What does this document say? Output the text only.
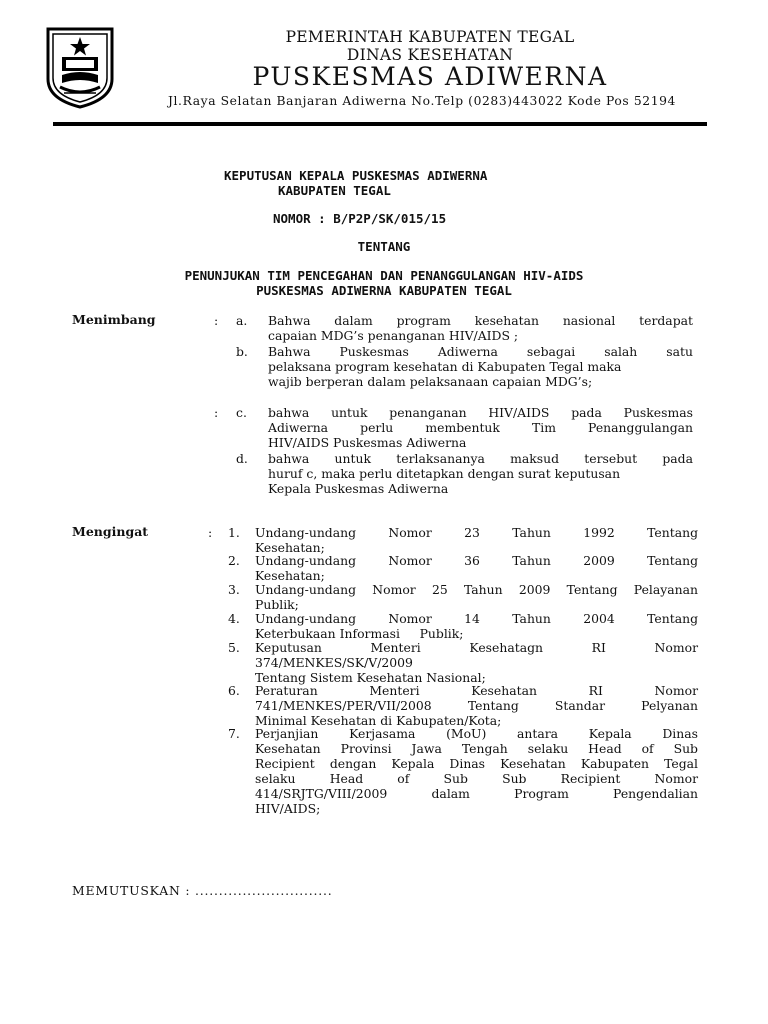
PEMERINTAH KABUPATEN TEGAL
DINAS KESEHATAN
PUSKESMAS ADIWERNA
Jl.Raya Selatan Banjaran Adiwerna No.Telp (0283)443022 Kode Pos 52194
KEPUTUSAN KEPALA PUSKESMAS ADIWERNA
KABUPATEN TEGAL
NOMOR : B/P2P/SK/015/15
TENTANG
PENUNJUKAN TIM PENCEGAHAN DAN PENANGGULANGAN HIV-AIDS
PUSKESMAS ADIWERNA KABUPATEN TEGAL
Menimbang	:
:
a. Bahwa dalam program kesehatan nasional terdapat
capaian MDG’s penanganan HIV/AIDS ;
b. Bahwa Puskesmas Adiwerna sebagai salah satu
pelaksana program kesehatan di Kabupaten Tegal maka
wajib berperan dalam pelaksanaan capaian MDG’s;
c. bahwa untuk penanganan HIV/AIDS pada Puskesmas
Adiwerna perlu membentuk Tim Penanggulangan
HIV/AIDS Puskesmas Adiwerna
d. bahwa untuk terlaksananya maksud tersebut pada
huruf c, maka perlu ditetapkan dengan surat keputusan
Kepala Puskesmas Adiwerna
Mengingat	: 1. Undang-undang Nomor 23 Tahun 1992 Tentang
Kesehatan;
2. Undang-undang Nomor 36 Tahun 2009 Tentang
Kesehatan;
3. Undang-undang Nomor 25 Tahun 2009 Tentang Pelayanan
Publik;
4. Undang-undang Nomor 14 Tahun 2004 Tentang
Keterbukaan Informasi     Publik;
5. Keputusan Menteri Kesehatagn RI Nomor
374/MENKES/SK/V/2009
Tentang Sistem Kesehatan Nasional;
6. Peraturan Menteri Kesehatan RI Nomor
741/MENKES/PER/VII/2008 Tentang Standar Pelyanan
Minimal Kesehatan di Kabupaten/Kota;
7. Perjanjian Kerjasama (MoU) antara Kepala Dinas
Kesehatan Provinsi Jawa Tengah selaku Head of Sub
Recipient dengan Kepala Dinas Kesehatan Kabupaten Tegal
selaku Head of Sub Sub Recipient Nomor
414/SRJTG/VIII/2009 dalam Program Pengendalian
HIV/AIDS;
MEMUTUSKAN : .............................
